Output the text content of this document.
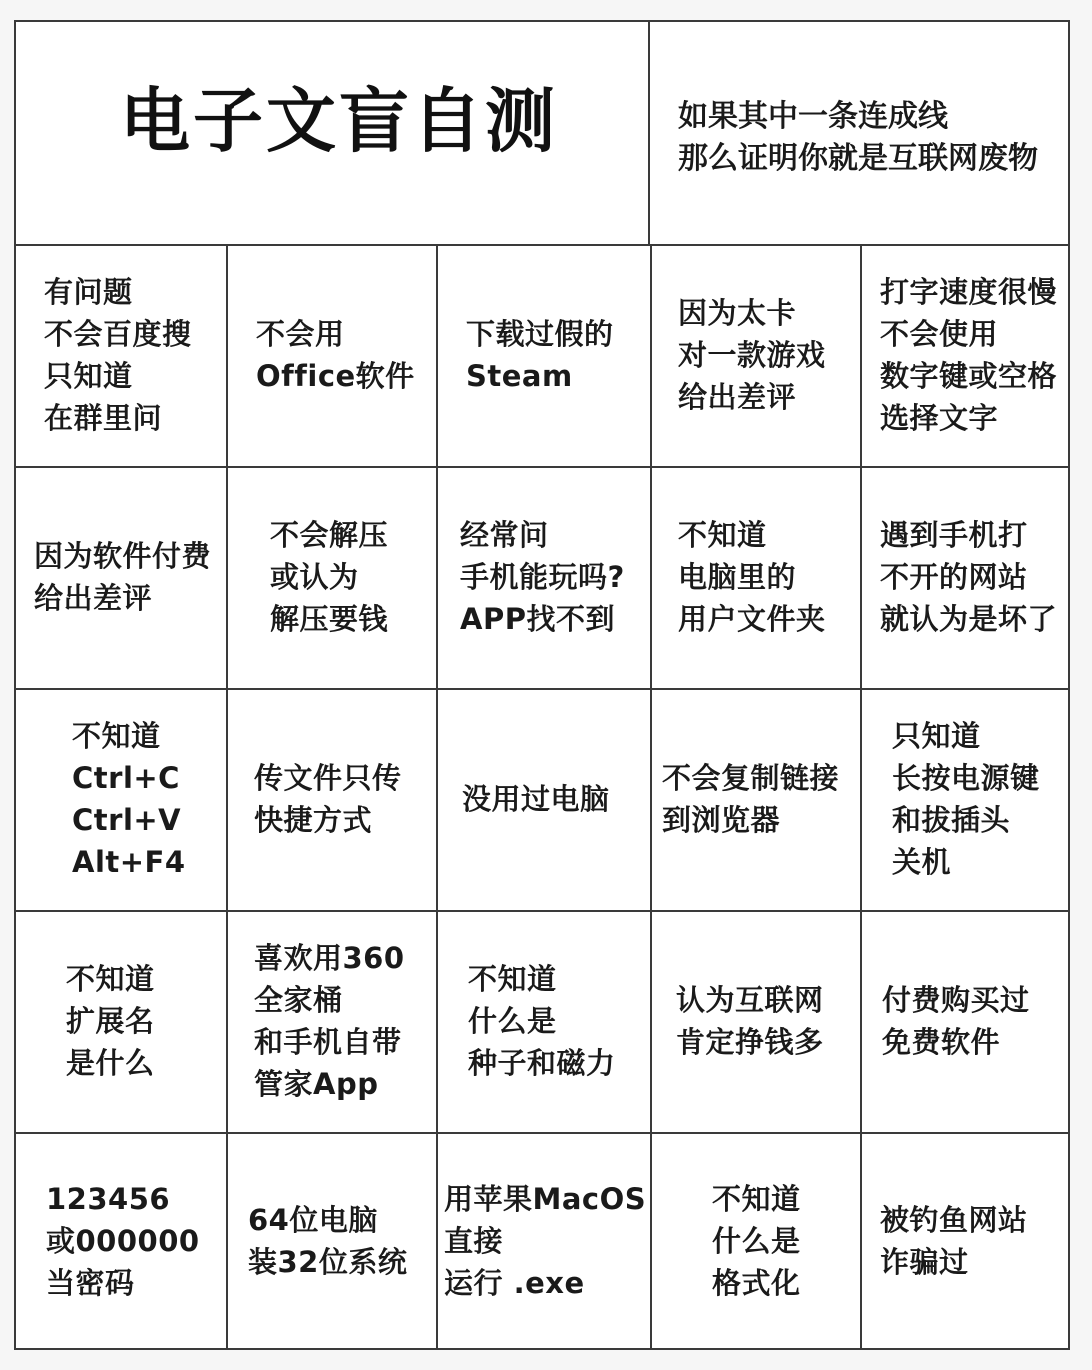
电子文盲自测	如果其中一条连成线
那么证明你就是互联网废物
有问题
不会百度搜
只知道
在群里问
不会用
Office软件
下载过假的
Steam
因为太卡
对一款游戏
给出差评
打字速度很慢
不会使用
数字键或空格
选择文字
因为软件付费
给出差评
不会解压
或认为
解压要钱
经常问
手机能玩吗?
APP找不到
不知道
电脑里的
用户文件夹
遇到手机打
不开的网站
就认为是坏了
不知道
Ctrl+C
Ctrl+V
Alt+F4
传文件只传
快捷方式
没用过电脑
不会复制链接
到浏览器
只知道
长按电源键
和拔插头
关机
不知道
扩展名
是什么
喜欢用360
全家桶
和手机自带
管家App
不知道
什么是
种子和磁力
认为互联网
肯定挣钱多
付费购买过
免费软件
123456
或000000
当密码
64位电脑
装32位系统
用苹果MacOS
直接
运行 .exe
不知道
什么是
格式化
被钓鱼网站
诈骗过
